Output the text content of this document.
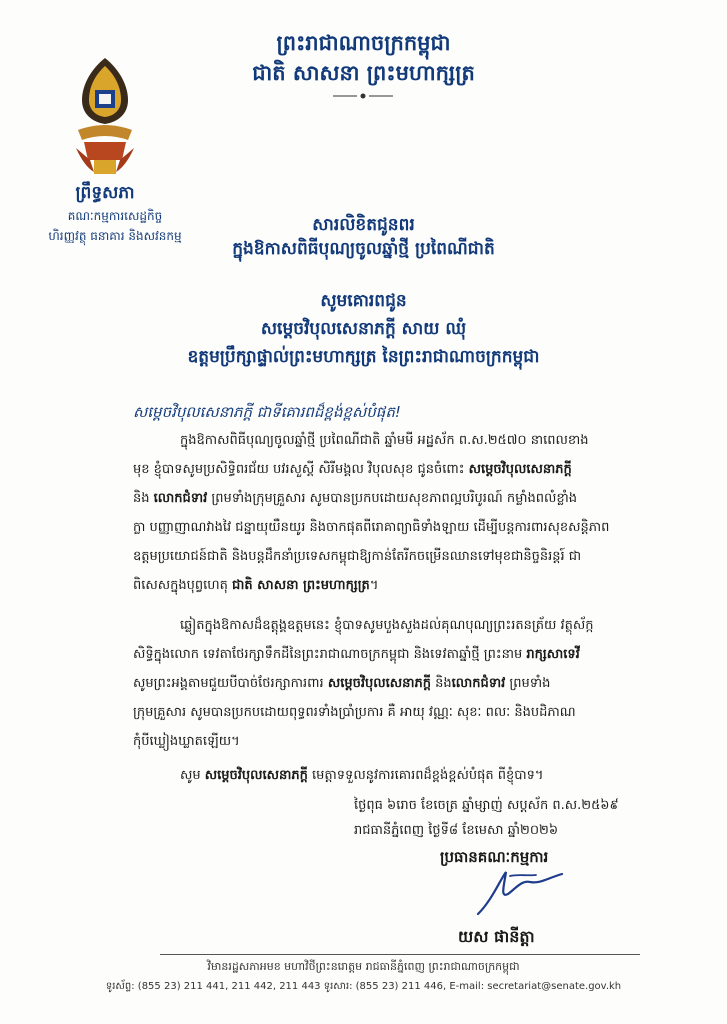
ព្រះរាជាណាចក្រកម្ពុជា
ជាតិ សាសនា ព្រះមហាក្សត្រ
ព្រឹទ្ធសភា
គណៈកម្មការសេដ្ឋកិច្ច
ហិរញ្ញវត្ថុ ធនាគារ និងសវនកម្ម
សារលិខិតជូនពរ
ក្នុងឱកាសពិធីបុណ្យចូលឆ្នាំថ្មី ប្រពៃណីជាតិ
សូមគោរពជូន
សម្តេចវិបុលសេនាភក្តី សាយ ឈុំ
ឧត្តមប្រឹក្សាផ្ទាល់ព្រះមហាក្សត្រ នៃព្រះរាជាណាចក្រកម្ពុជា
សម្តេចវិបុលសេនាភក្តី ជាទីគោរពដ៏ខ្ពង់ខ្ពស់បំផុត!
ក្នុងឱកាសពិធីបុណ្យចូលឆ្នាំថ្មី ប្រពៃណីជាតិ ឆ្នាំមមី អដ្ឋស័ក ព.ស.២៥៧០ នាពេលខាង
មុខ ខ្ញុំបាទសូមប្រសិទ្ធិពរជ័យ បវរសួស្តី សិរីមង្គល វិបុលសុខ ជូនចំពោះ សម្តេចវិបុលសេនាភក្តី
និង លោកជំទាវ ព្រមទាំងក្រុមគ្រួសារ សូមបានប្រកបដោយសុខភាពល្អបរិបូរណ៍ កម្លាំងពលំខ្លាំង
ក្លា បញ្ញាញាណវាងវៃ ជន្នាយុយឺនយូរ និងចាកផុតពីរោគាព្យាធិទាំងឡាយ ដើម្បីបន្តការពារសុខសន្តិភាព
ឧត្តមប្រយោជន៍ជាតិ និងបន្តដឹកនាំប្រទេសកម្ពុជាឱ្យកាន់តែរីកចម្រើនឈានទៅមុខជានិច្ចនិរន្តរ៍ ជា
ពិសេសក្នុងបុព្វហេតុ ជាតិ សាសនា ព្រះមហាក្សត្រ។
ឆ្លៀតក្នុងឱកាសដ៏ឧត្តុង្គឧត្តមនេះ ខ្ញុំបាទសូមបួងសួងដល់គុណបុណ្យព្រះរតនត្រ័យ វត្ថុស័ក្ក
សិទ្ធិក្នុងលោក ទេវតាថែរក្សាទឹកដីនៃព្រះរាជាណាចក្រកម្ពុជា និងទេវតាឆ្នាំថ្មី ព្រះនាម រាក្សសាទេវី
សូមព្រះអង្គតាមជួយបីបាច់ថែរក្សាការពារ សម្តេចវិបុលសេនាភក្តី និងលោកជំទាវ ព្រមទាំង
ក្រុមគ្រួសារ សូមបានប្រកបដោយពុទ្ធពរទាំងប្រាំប្រការ គឺ អាយុ វណ្ណៈ សុខៈ ពលៈ និងបដិភាណ
កុំបីឃ្លៀងឃ្លាតឡើយ។
សូម សម្តេចវិបុលសេនាភក្តី មេត្តាទទួលនូវការគោរពដ៏ខ្ពង់ខ្ពស់បំផុត ពីខ្ញុំបាទ។
ថ្ងៃពុធ ៦រោច ខែចេត្រ ឆ្នាំម្សាញ់ សប្តស័ក ព.ស.២៥៦៩
រាជធានីភ្នំពេញ ថ្ងៃទី៨ ខែមេសា ឆ្នាំ២០២៦
ប្រធានគណៈកម្មការ
យស ផានីត្តា
វិមានរដ្ឋសភាអមខ មហាវិថីព្រះនរោត្តម រាជធានីភ្នំពេញ ព្រះរាជាណាចក្រកម្ពុជា
ទូរស័ព្ទ: (855 23) 211 441, 211 442, 211 443 ទូរសារ: (855 23) 211 446, E-mail: secretariat@senate.gov.kh
